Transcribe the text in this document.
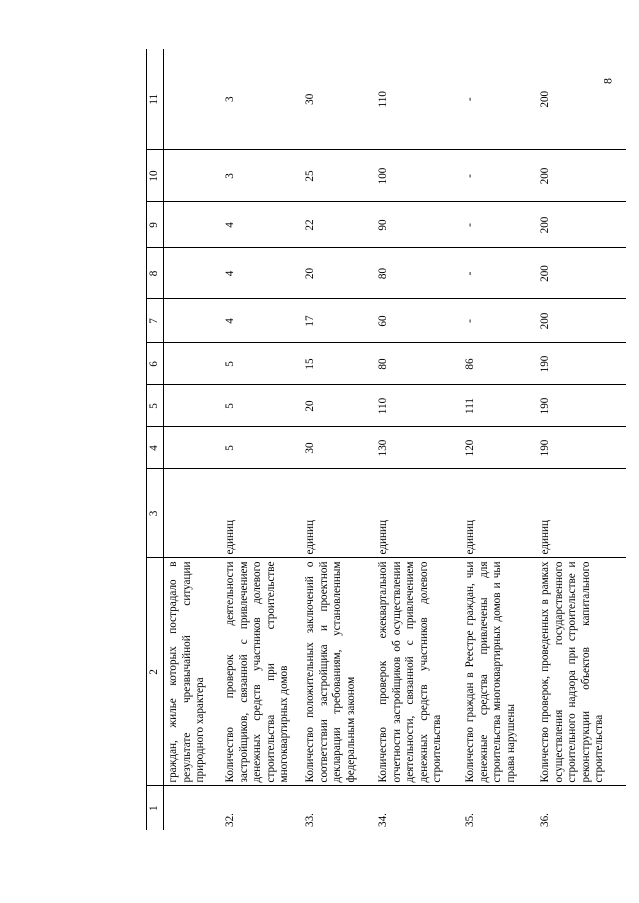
8
1	2	3	4	5	6	7	8	9	10	11
	граждан, жилье которых пострадало в результате чрезвычайной ситуации природного характера									
32.	Количество проверок деятельности застройщиков, связанной с привлечением денежных средств участников долевого строительства при строительстве многоквартирных домов	единиц	5	5	5	4	4	4	3	3
33.	Количество положительных заключений о соответствии застройщика и проектной декларации требованиям, установленным федеральным законом	единиц	30	20	15	17	20	22	25	30
34.	Количество проверок ежеквартальной отчетности застройщиков об осуществлении деятельности, связанной с привлечением денежных средств участников долевого строительства	единиц	130	110	80	60	80	90	100	110
35.	Количество граждан в Реестре граждан, чьи денежные средства привлечены для строительства многоквартирных домов и чьи права нарушены	единиц	120	111	86	-	-	-	-	-
36.	Количество проверок, проведенных в рамках осуществления государственного строительного надзора при строительстве и реконструкции объектов капитального строительства	единиц	190	190	190	200	200	200	200	200
